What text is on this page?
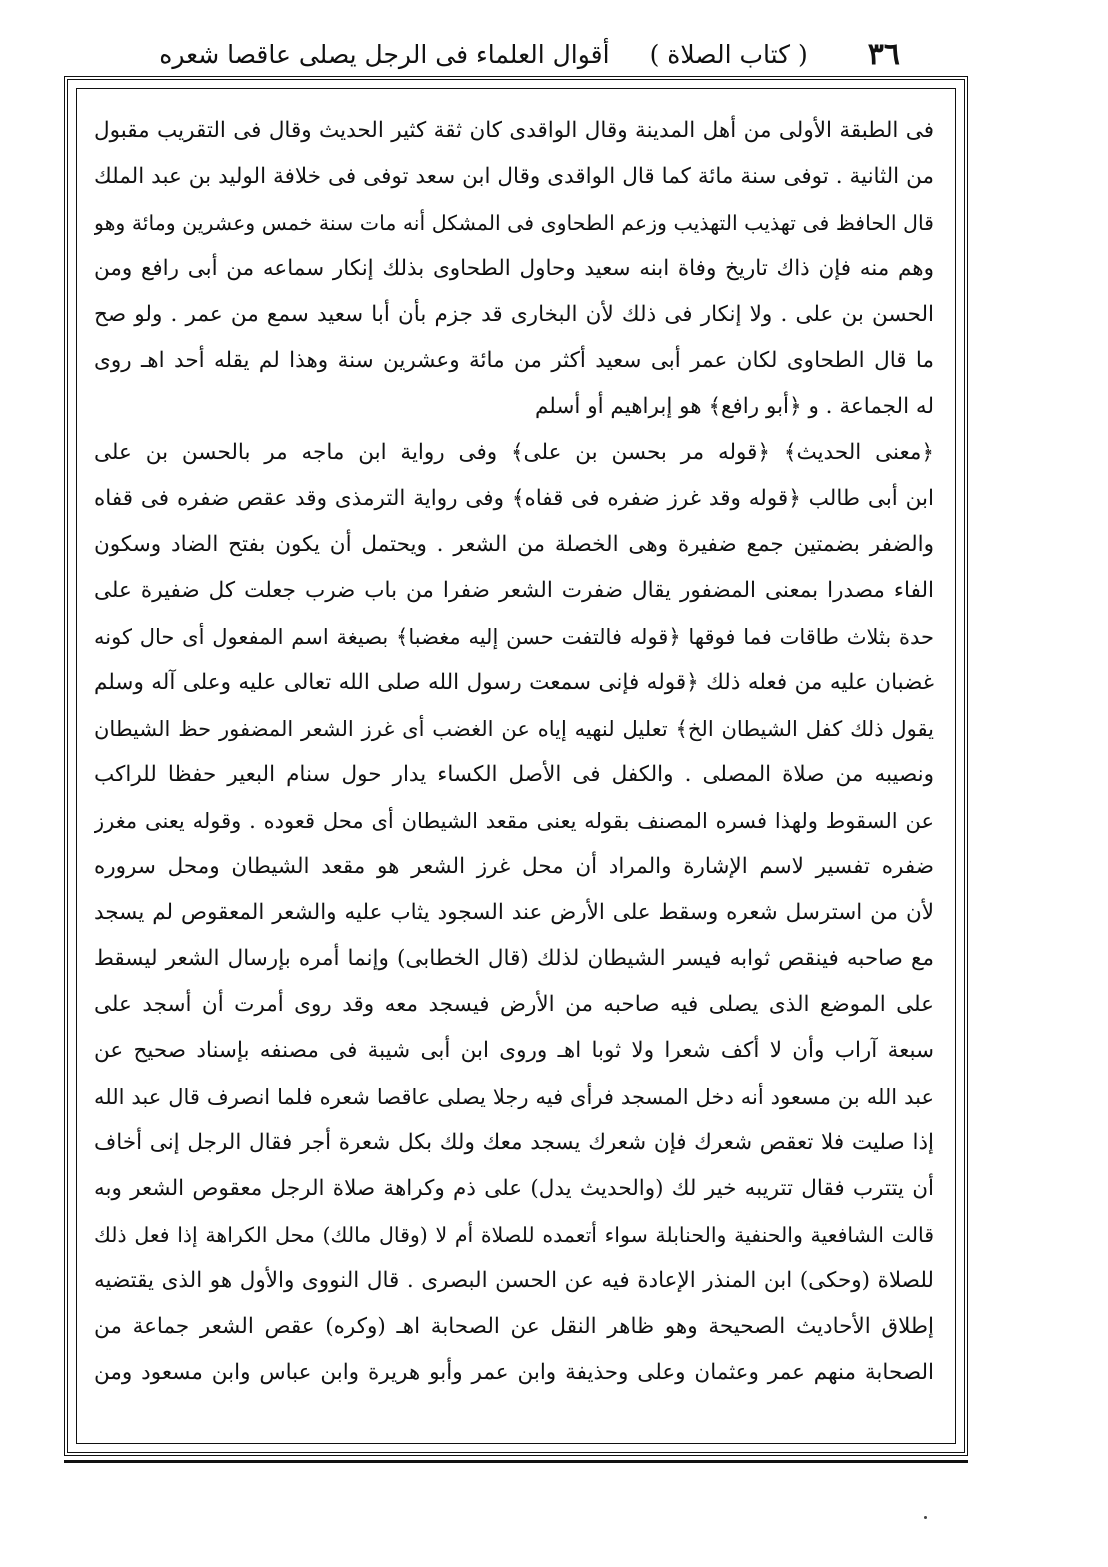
٣٦
( كتاب الصلاة )
أقوال العلماء فى الرجل يصلى عاقصا شعره
فى الطبقة الأولى من أهل المدينة وقال الواقدى كان ثقة كثير الحديث وقال فى التقريب مقبول
من الثانية . توفى سنة مائة كما قال الواقدى وقال ابن سعد توفى فى خلافة الوليد بن عبد الملك
قال الحافظ فى تهذيب التهذيب وزعم الطحاوى فى المشكل أنه مات سنة خمس وعشرين ومائة وهو
وهم منه فإن ذاك تاريخ وفاة ابنه سعيد وحاول الطحاوى بذلك إنكار سماعه من أبى رافع ومن
الحسن بن على . ولا إنكار فى ذلك لأن البخارى قد جزم بأن أبا سعيد سمع من عمر . ولو صح
ما قال الطحاوى لكان عمر أبى سعيد أكثر من مائة وعشرين سنة وهذا لم يقله أحد اهـ روى
له الجماعة . و ﴿أبو رافع﴾ هو إبراهيم أو أسلم
﴿معنى الحديث﴾ ﴿قوله مر بحسن بن على﴾ وفى رواية ابن ماجه مر بالحسن بن على
ابن أبى طالب ﴿قوله وقد غرز ضفره فى قفاه﴾ وفى رواية الترمذى وقد عقص ضفره فى قفاه
والضفر بضمتين جمع ضفيرة وهى الخصلة من الشعر . ويحتمل أن يكون بفتح الضاد وسكون
الفاء مصدرا بمعنى المضفور يقال ضفرت الشعر ضفرا من باب ضرب جعلت كل ضفيرة على
حدة بثلاث طاقات فما فوقها ﴿قوله فالتفت حسن إليه مغضبا﴾ بصيغة اسم المفعول أى حال كونه
غضبان عليه من فعله ذلك ﴿قوله فإنى سمعت رسول الله صلى الله تعالى عليه وعلى آله وسلم
يقول ذلك كفل الشيطان الخ﴾ تعليل لنهيه إياه عن الغضب أى غرز الشعر المضفور حظ الشيطان
ونصيبه من صلاة المصلى . والكفل فى الأصل الكساء يدار حول سنام البعير حفظا للراكب
عن السقوط ولهذا فسره المصنف بقوله يعنى مقعد الشيطان أى محل قعوده . وقوله يعنى مغرز
ضفره تفسير لاسم الإشارة والمراد أن محل غرز الشعر هو مقعد الشيطان ومحل سروره
لأن من استرسل شعره وسقط على الأرض عند السجود يثاب عليه والشعر المعقوص لم يسجد
مع صاحبه فينقص ثوابه فيسر الشيطان لذلك (قال الخطابى) وإنما أمره بإرسال الشعر ليسقط
على الموضع الذى يصلى فيه صاحبه من الأرض فيسجد معه وقد روى أمرت أن أسجد على
سبعة آراب وأن لا أكف شعرا ولا ثوبا اهـ وروى ابن أبى شيبة فى مصنفه بإسناد صحيح عن
عبد الله بن مسعود أنه دخل المسجد فرأى فيه رجلا يصلى عاقصا شعره فلما انصرف قال عبد الله
إذا صليت فلا تعقص شعرك فإن شعرك يسجد معك ولك بكل شعرة أجر فقال الرجل إنى أخاف
أن يتترب فقال تتريبه خير لك (والحديث يدل) على ذم وكراهة صلاة الرجل معقوص الشعر وبه
قالت الشافعية والحنفية والحنابلة سواء أتعمده للصلاة أم لا (وقال مالك) محل الكراهة إذا فعل ذلك
للصلاة (وحكى) ابن المنذر الإعادة فيه عن الحسن البصرى . قال النووى والأول هو الذى يقتضيه
إطلاق الأحاديث الصحيحة وهو ظاهر النقل عن الصحابة اهـ (وكره) عقص الشعر جماعة من
الصحابة منهم عمر وعثمان وعلى وحذيفة وابن عمر وأبو هريرة وابن عباس وابن مسعود ومن
